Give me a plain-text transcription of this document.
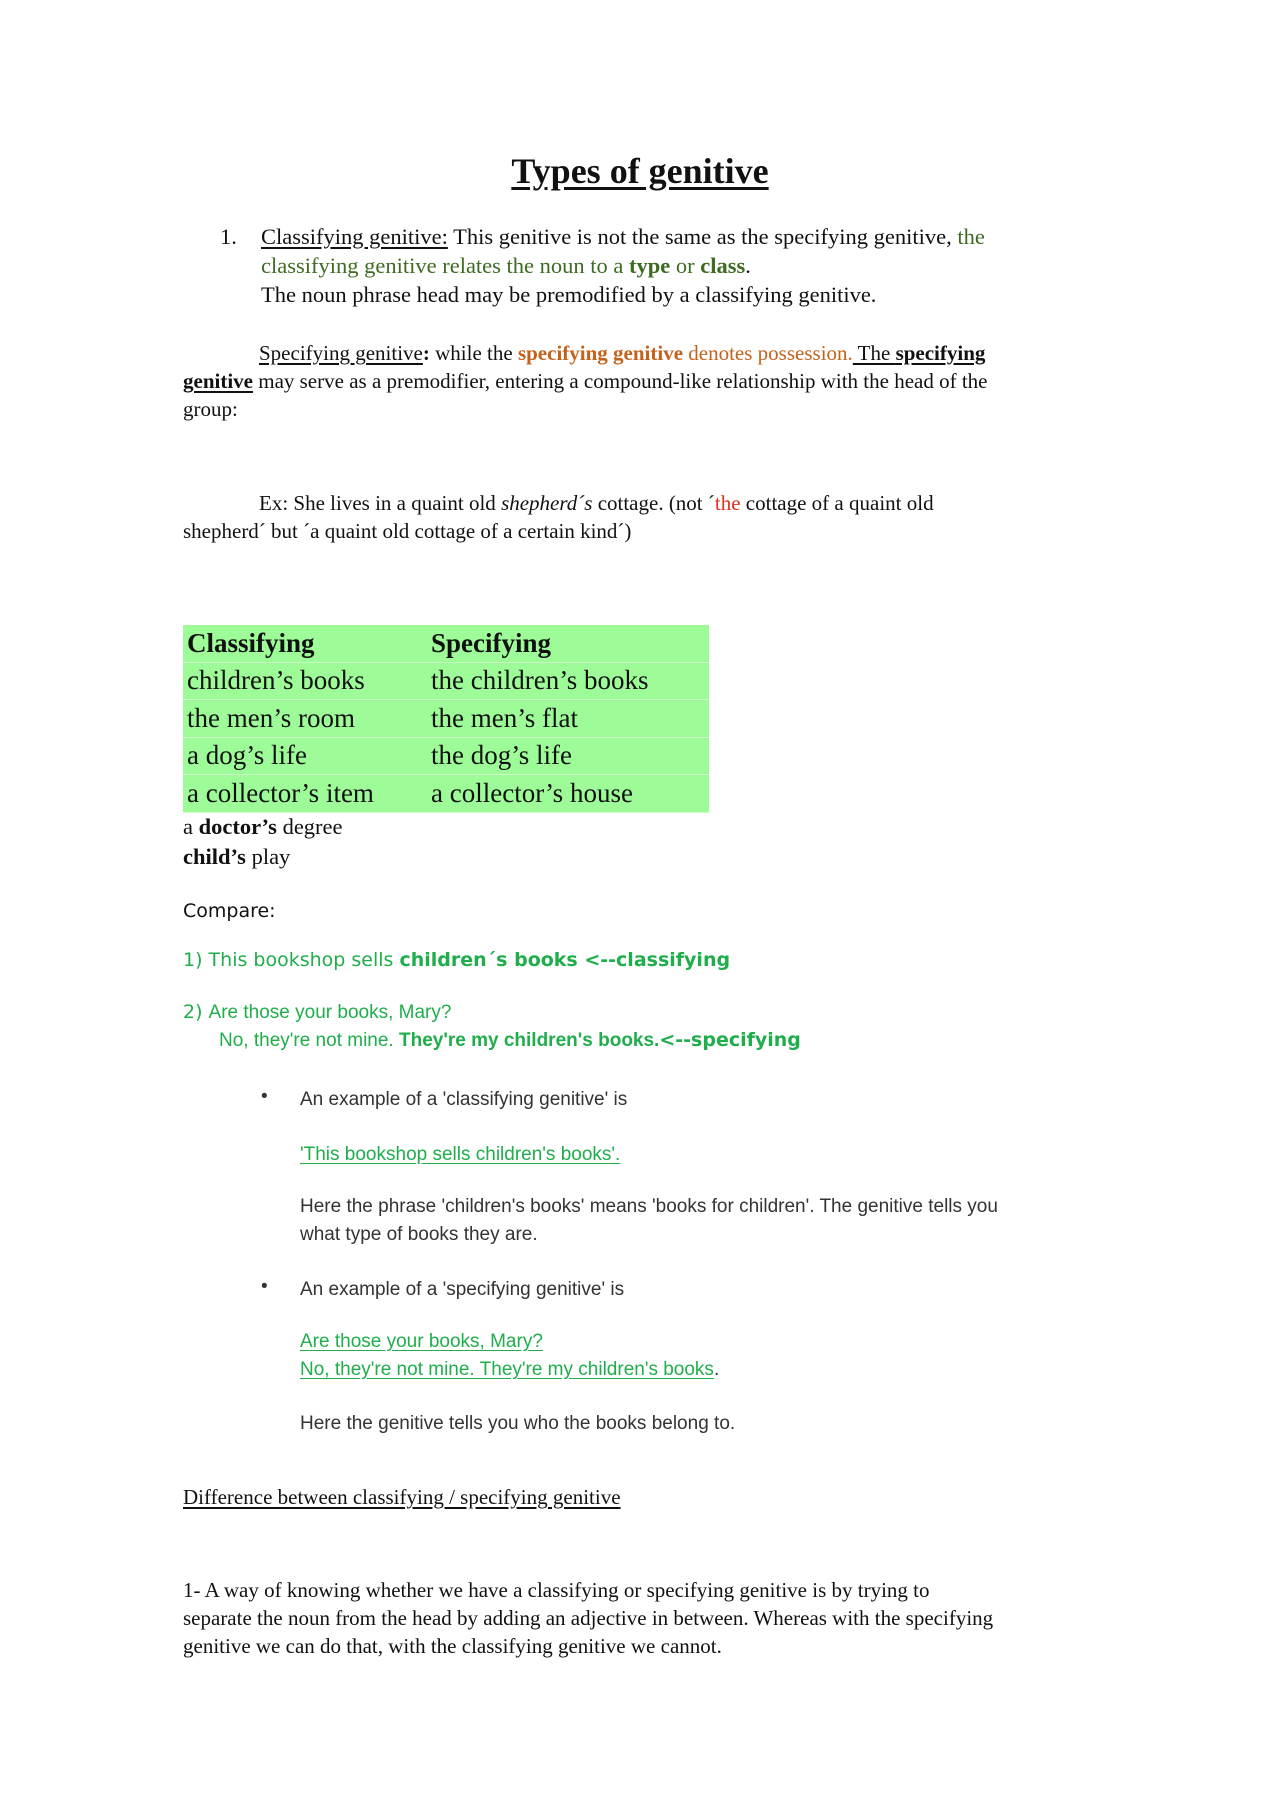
Types of genitive
1. Classifying genitive: This genitive is not the same as the specifying genitive, the
classifying genitive relates the noun to a type or class.
The noun phrase head may be premodified by a classifying genitive.
Specifying genitive: while the specifying genitive denotes possession. The specifying
genitive may serve as a premodifier, entering a compound-like relationship with the head of the
group:
Ex: She lives in a quaint old shepherd´s cottage. (not ´the cottage of a quaint old
shepherd´ but ´a quaint old cottage of a certain kind´)
Classifying	Specifying
children’s books	the children’s books
the men’s room	the men’s flat
a dog’s life	the dog’s life
a collector’s item	a collector’s house
a doctor’s degree
child’s play
Compare:
1) This bookshop sells children´s books <--classifying
2) Are those your books, Mary?
No, they're not mine. They're my children's books.<--specifying
• An example of a 'classifying genitive' is
'This bookshop sells children's books'.
Here the phrase 'children's books' means 'books for children'. The genitive tells you
what type of books they are.
• An example of a 'specifying genitive' is
Are those your books, Mary?
No, they're not mine. They're my children's books.
Here the genitive tells you who the books belong to.
Difference between classifying / specifying genitive
1- A way of knowing whether we have a classifying or specifying genitive is by trying to
separate the noun from the head by adding an adjective in between. Whereas with the specifying
genitive we can do that, with the classifying genitive we cannot.
